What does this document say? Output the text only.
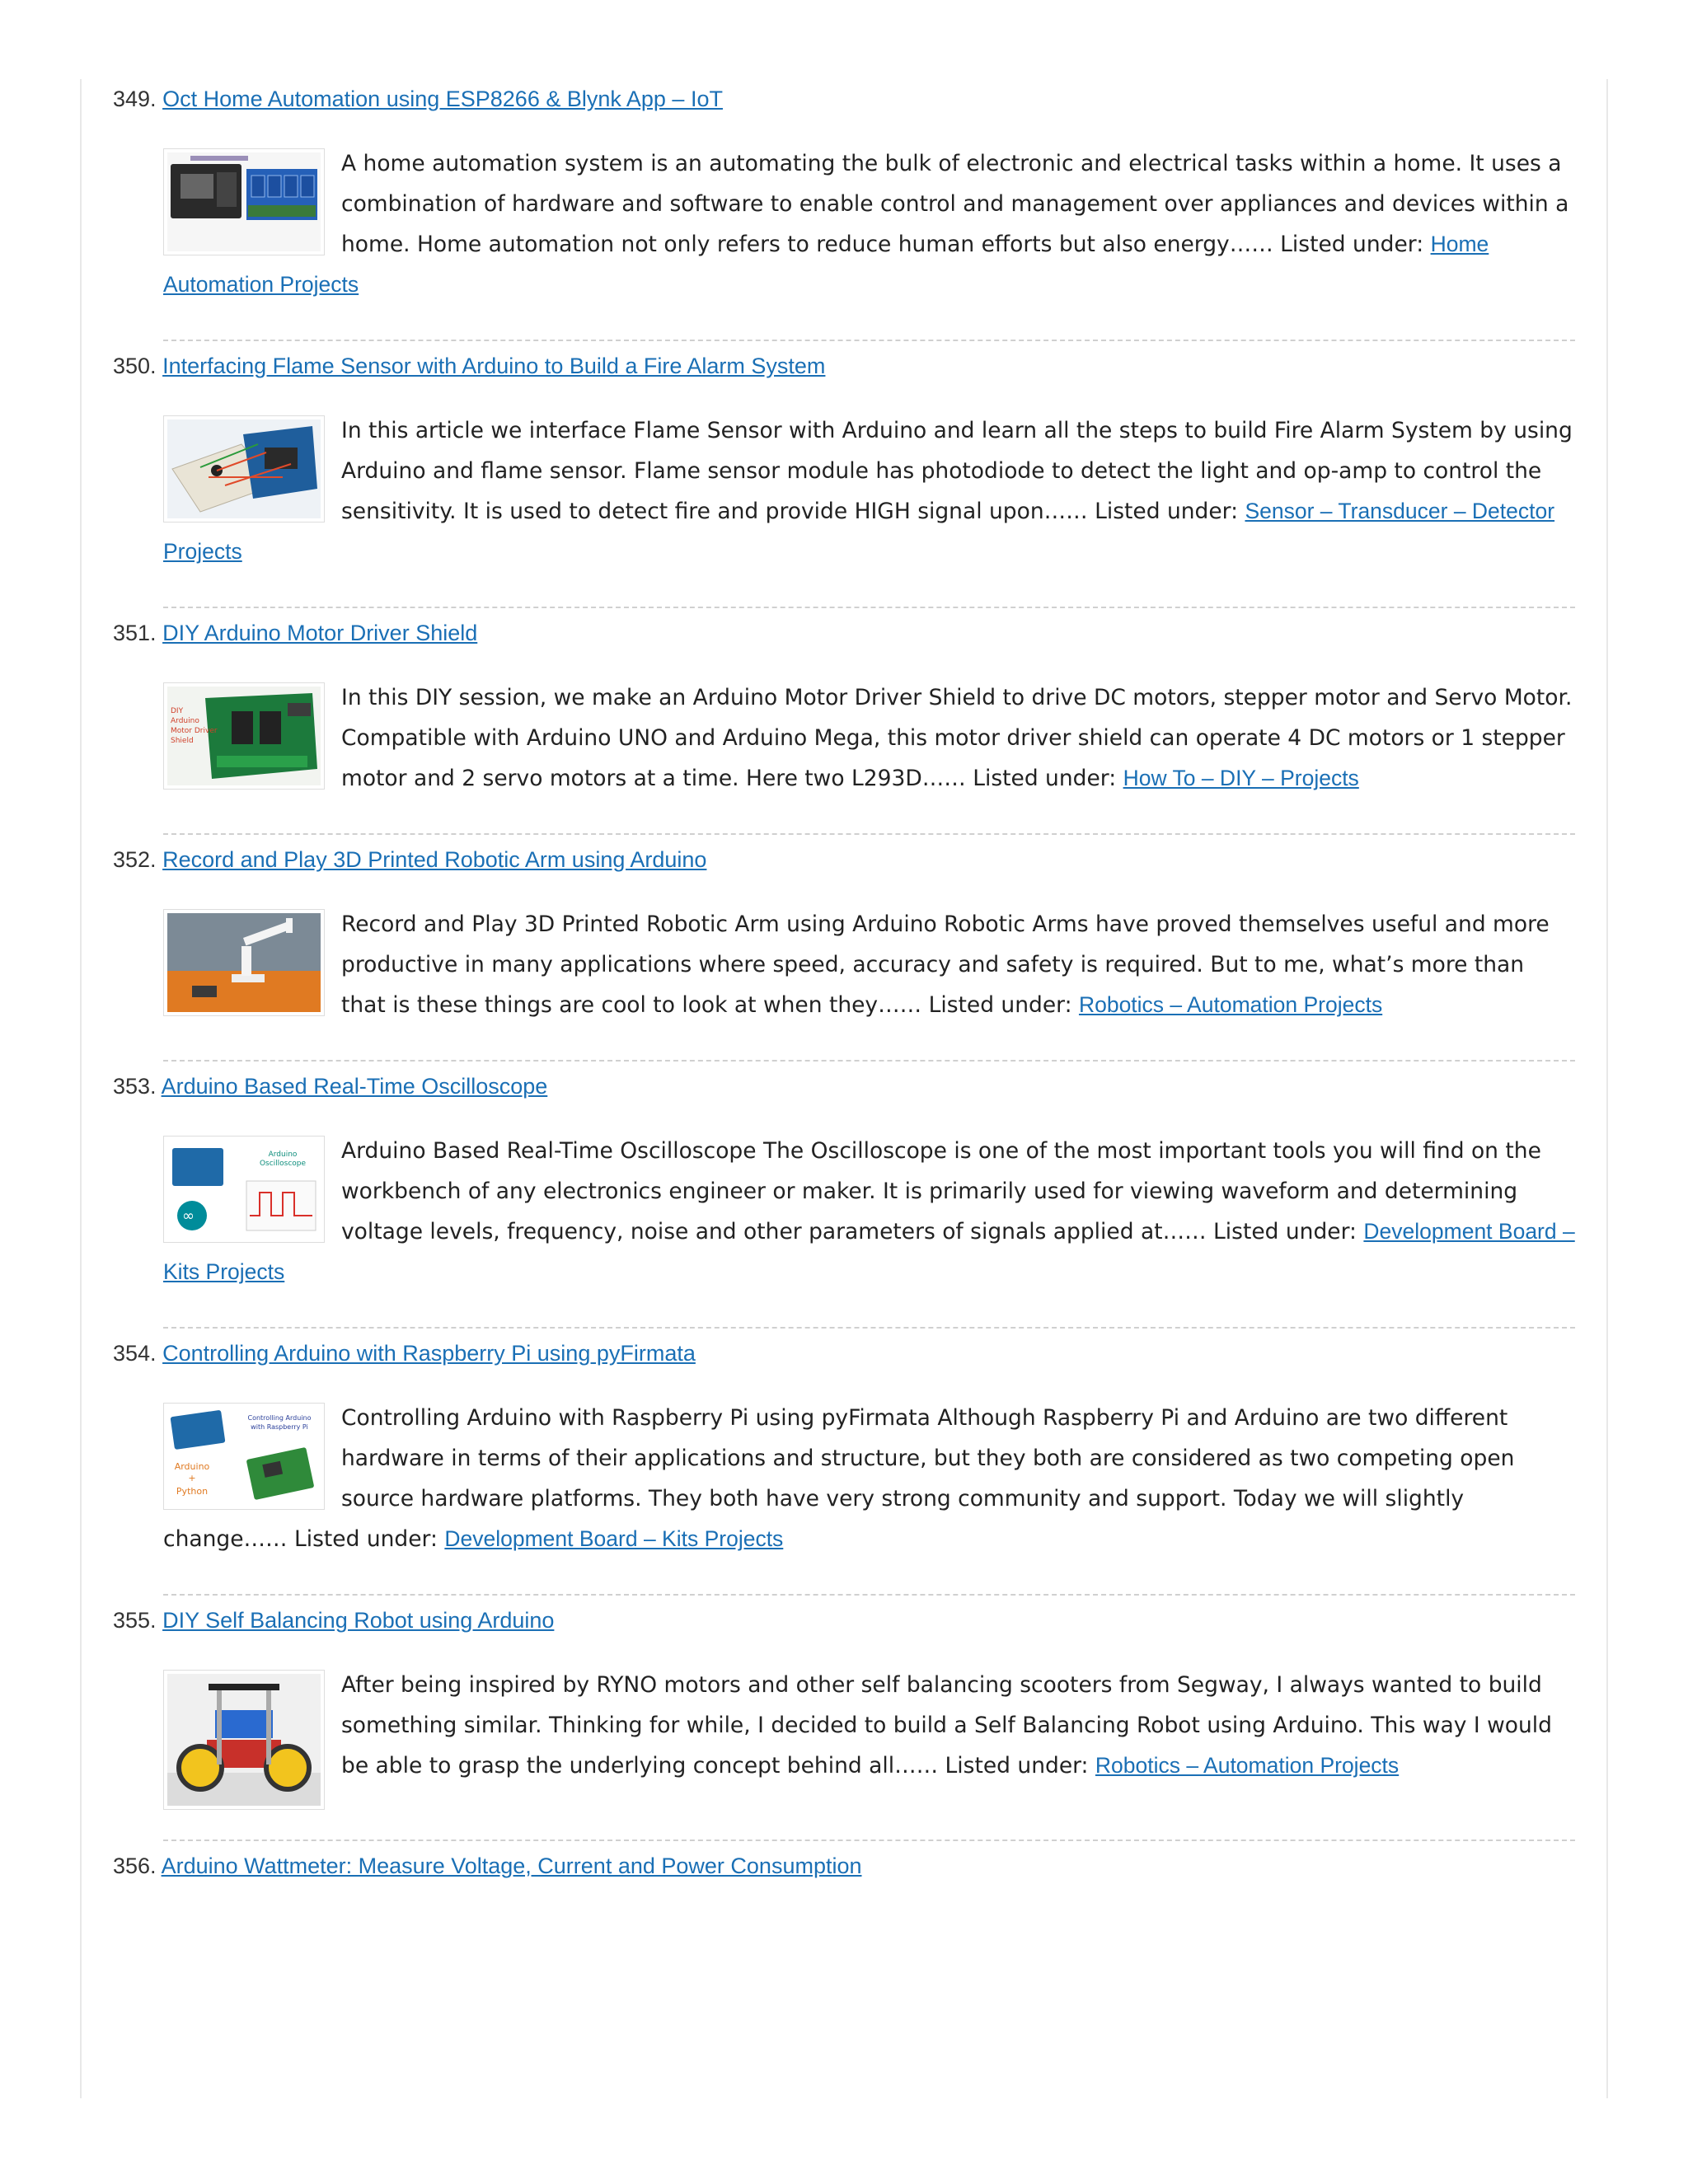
349. Oct Home Automation using ESP8266 & Blynk App – IoT
A home automation system is an automating the bulk of electronic and electrical tasks within a home. It uses a combination of hardware and software to enable control and management over appliances and devices within a home. Home automation not only refers to reduce human efforts but also energy…… Listed under: Home Automation Projects
350. Interfacing Flame Sensor with Arduino to Build a Fire Alarm System
In this article we interface Flame Sensor with Arduino and learn all the steps to build Fire Alarm System by using Arduino and flame sensor. Flame sensor module has photodiode to detect the light and op-amp to control the sensitivity. It is used to detect fire and provide HIGH signal upon…… Listed under: Sensor – Transducer – Detector Projects
351. DIY Arduino Motor Driver Shield
DIY
Arduino
Motor Driver
Shield
In this DIY session, we make an Arduino Motor Driver Shield to drive DC motors, stepper motor and Servo Motor. Compatible with Arduino UNO and Arduino Mega, this motor driver shield can operate 4 DC motors or 1 stepper motor and 2 servo motors at a time. Here two L293D…… Listed under: How To – DIY – Projects
352. Record and Play 3D Printed Robotic Arm using Arduino
Record and Play 3D Printed Robotic Arm using Arduino Robotic Arms have proved themselves useful and more productive in many applications where speed, accuracy and safety is required. But to me, what’s more than that is these things are cool to look at when they…… Listed under: Robotics – Automation Projects
353. Arduino Based Real-Time Oscilloscope
∞
Arduino
Oscilloscope Arduino Based Real-Time Oscilloscope The Oscilloscope is one of the most important tools you will find on the workbench of any electronics engineer or maker. It is primarily used for viewing waveform and determining voltage levels, frequency, noise and other parameters of signals applied at…… Listed under: Development Board – Kits Projects
354. Controlling Arduino with Raspberry Pi using pyFirmata
Controlling Arduino
with Raspberry Pi
Arduino
+
Python
Controlling Arduino with Raspberry Pi using pyFirmata Although Raspberry Pi and Arduino are two different hardware in terms of their applications and structure, but they both are considered as two competing open source hardware platforms. They both have very strong community and support. Today we will slightly change…… Listed under: Development Board – Kits Projects
355. DIY Self Balancing Robot using Arduino
After being inspired by RYNO motors and other self balancing scooters from Segway, I always wanted to build something similar. Thinking for while, I decided to build a Self Balancing Robot using Arduino. This way I would be able to grasp the underlying concept behind all…… Listed under: Robotics – Automation Projects
356. Arduino Wattmeter: Measure Voltage, Current and Power Consumption
